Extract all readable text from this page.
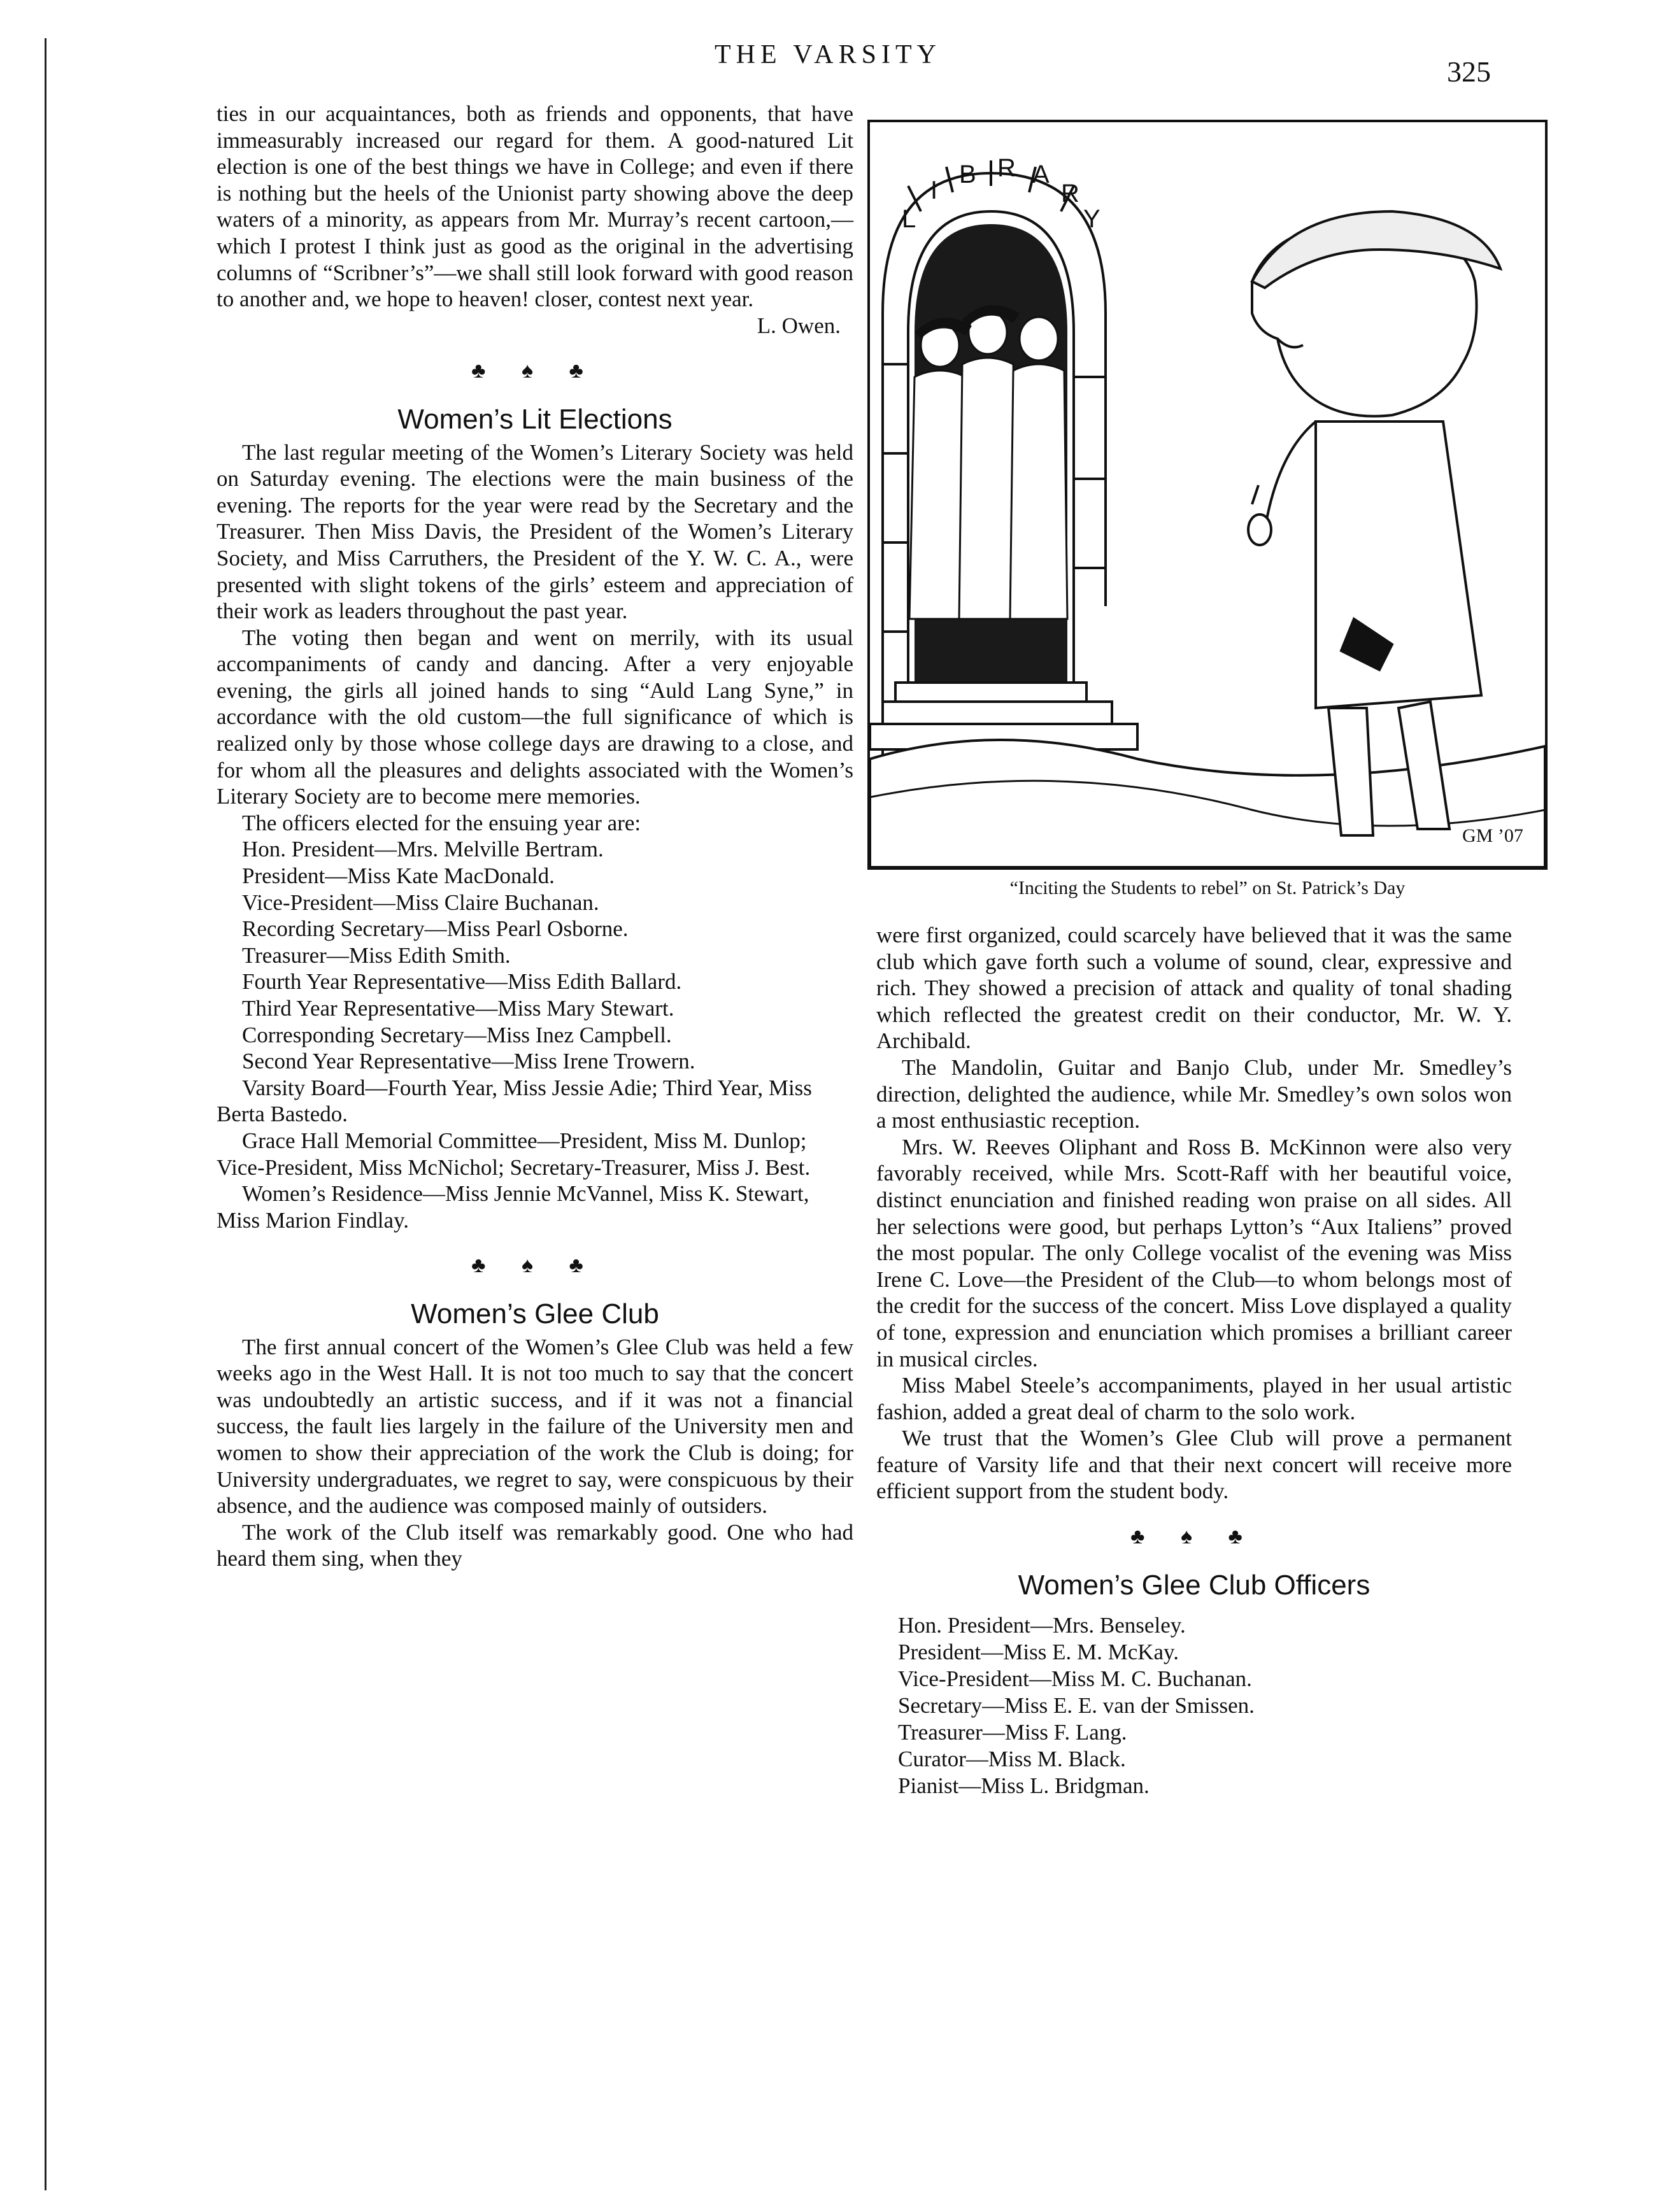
THE VARSITY
325

ties in our acquaintances, both as friends and opponents, that have immeasurably increased our regard for them. A good-natured Lit election is one of the best things we have in College; and even if there is nothing but the heels of the Unionist party showing above the deep waters of a minority, as appears from Mr. Murray’s recent cartoon,—which I protest I think just as good as the original in the advertising columns of “Scribner’s”—we shall still look forward with good reason to another and, we hope to heaven! closer, contest next year.

L. Owen.

♣ ♠ ♣
Women’s Lit Elections

The last regular meeting of the Women’s Literary Society was held on Saturday evening. The elections were the main business of the evening. The reports for the year were read by the Secretary and the Treasurer. Then Miss Davis, the President of the Women’s Literary Society, and Miss Carruthers, the President of the Y. W. C. A., were presented with slight tokens of the girls’ esteem and appreciation of their work as leaders throughout the past year.

The voting then began and went on merrily, with its usual accompaniments of candy and dancing. After a very enjoyable evening, the girls all joined hands to sing “Auld Lang Syne,” in accordance with the old custom—the full significance of which is realized only by those whose college days are drawing to a close, and for whom all the pleasures and delights associated with the Women’s Literary Society are to become mere memories.

The officers elected for the ensuing year are:

Hon. President—Mrs. Melville Bertram.

President—Miss Kate MacDonald.

Vice-President—Miss Claire Buchanan.

Recording Secretary—Miss Pearl Osborne.

Treasurer—Miss Edith Smith.

Fourth Year Representative—Miss Edith Ballard.

Third Year Representative—Miss Mary Stewart.

Corresponding Secretary—Miss Inez Campbell.

Second Year Representative—Miss Irene Trowern.

Varsity Board—Fourth Year, Miss Jessie Adie; Third Year, Miss Berta Bastedo.

Grace Hall Memorial Committee—President, Miss M. Dunlop; Vice-President, Miss McNichol; Secretary-Treasurer, Miss J. Best.

Women’s Residence—Miss Jennie McVannel, Miss K. Stewart, Miss Marion Findlay.

♣ ♠ ♣
Women’s Glee Club

The first annual concert of the Women’s Glee Club was held a few weeks ago in the West Hall. It is not too much to say that the concert was undoubtedly an artistic success, and if it was not a financial success, the fault lies largely in the failure of the University men and women to show their appreciation of the work the Club is doing; for University undergraduates, we regret to say, were conspicuous by their absence, and the audience was composed mainly of outsiders.

The work of the Club itself was remarkably good. One who had heard them sing, when they

L
I
B R A
R
Y
GM ’07
“Inciting the Students to rebel” on St. Patrick’s Day

were first organized, could scarcely have believed that it was the same club which gave forth such a volume of sound, clear, expressive and rich. They showed a precision of attack and quality of tonal shading which reflected the greatest credit on their conductor, Mr. W. Y. Archibald.

The Mandolin, Guitar and Banjo Club, under Mr. Smedley’s direction, delighted the audience, while Mr. Smedley’s own solos won a most enthusiastic reception.

Mrs. W. Reeves Oliphant and Ross B. McKinnon were also very favorably received, while Mrs. Scott-Raff with her beautiful voice, distinct enunciation and finished reading won praise on all sides. All her selections were good, but perhaps Lytton’s “Aux Italiens” proved the most popular. The only College vocalist of the evening was Miss Irene C. Love—the President of the Club—to whom belongs most of the credit for the success of the concert. Miss Love displayed a quality of tone, expression and enunciation which promises a brilliant career in musical circles.

Miss Mabel Steele’s accompaniments, played in her usual artistic fashion, added a great deal of charm to the solo work.

We trust that the Women’s Glee Club will prove a permanent feature of Varsity life and that their next concert will receive more efficient support from the student body.

♣ ♠ ♣
Women’s Glee Club Officers

Hon. President—Mrs. Benseley.

President—Miss E. M. McKay.

Vice-President—Miss M. C. Buchanan.

Secretary—Miss E. E. van der Smissen.

Treasurer—Miss F. Lang.

Curator—Miss M. Black.

Pianist—Miss L. Bridgman.
